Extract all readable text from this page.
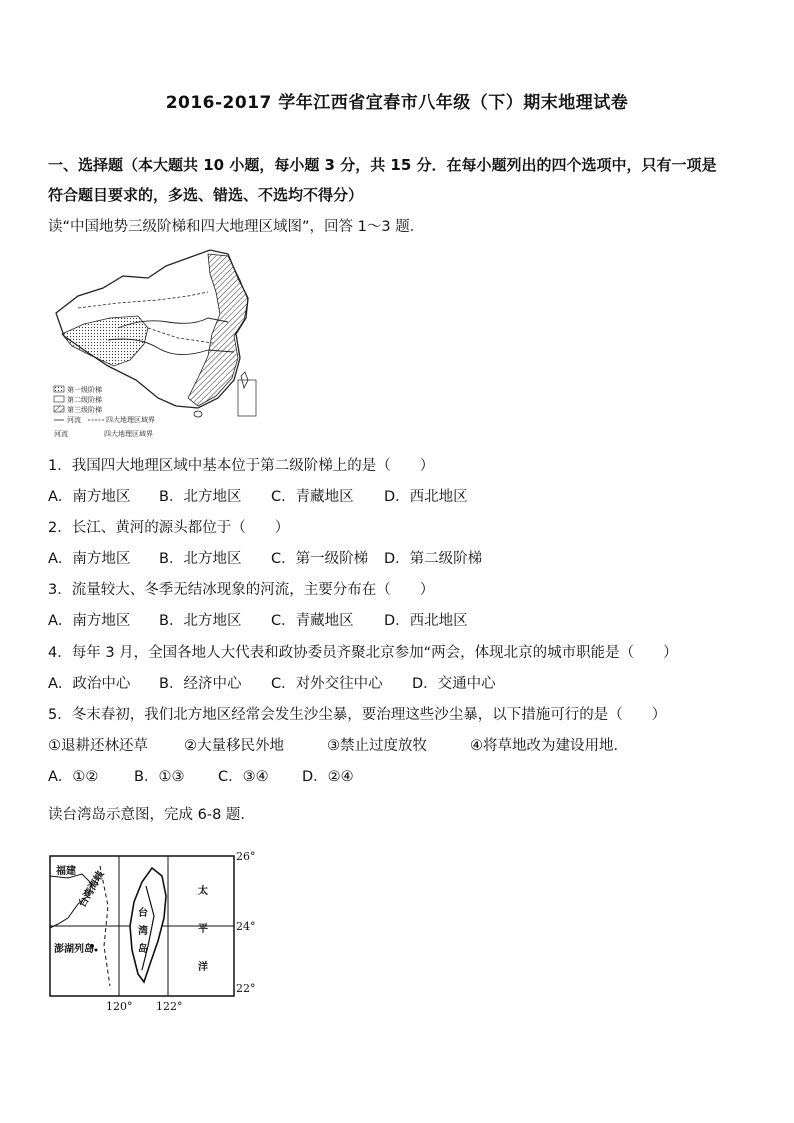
2016-2017 学年江西省宜春市八年级（下）期末地理试卷
一、选择题（本大题共 10 小题，每小题 3 分，共 15 分．在每小题列出的四个选项中，只有一项是
符合题目要求的，多选、错选、不选均不得分）
读“中国地势三级阶梯和四大地理区域图”，回答 1～3 题．
第一级阶梯
第二级阶梯
第三级阶梯
河流	四大地理区域界
河流	四大地理区域界
1．我国四大地理区域中基本位于第二级阶梯上的是（　　）
A．南方地区 B．北方地区 C．青藏地区 D．西北地区
2．长江、黄河的源头都位于（　　）
A．南方地区 B．北方地区 C．第一级阶梯 D．第二级阶梯
3．流量较大、冬季无结冰现象的河流，主要分布在（　　）
A．南方地区 B．北方地区 C．青藏地区 D．西北地区
4．每年 3 月，全国各地人大代表和政协委员齐聚北京参加“两会，体现北京的城市职能是（　　）
A．政治中心 B．经济中心 C．对外交往中心 D．交通中心
5．冬末春初，我们北方地区经常会发生沙尘暴，要治理这些沙尘暴，以下措施可行的是（　　）
①退耕还林还草 ②大量移民外地	③禁止过度放牧	④将草地改为建设用地．
A．①② B．①③ C．③④ D．②④
读台湾岛示意图，完成 6-8 题．
福建 台湾海峡
澎湖列岛
台
湾
岛
太
平
洋
26°
24°
22°
120° 122°
